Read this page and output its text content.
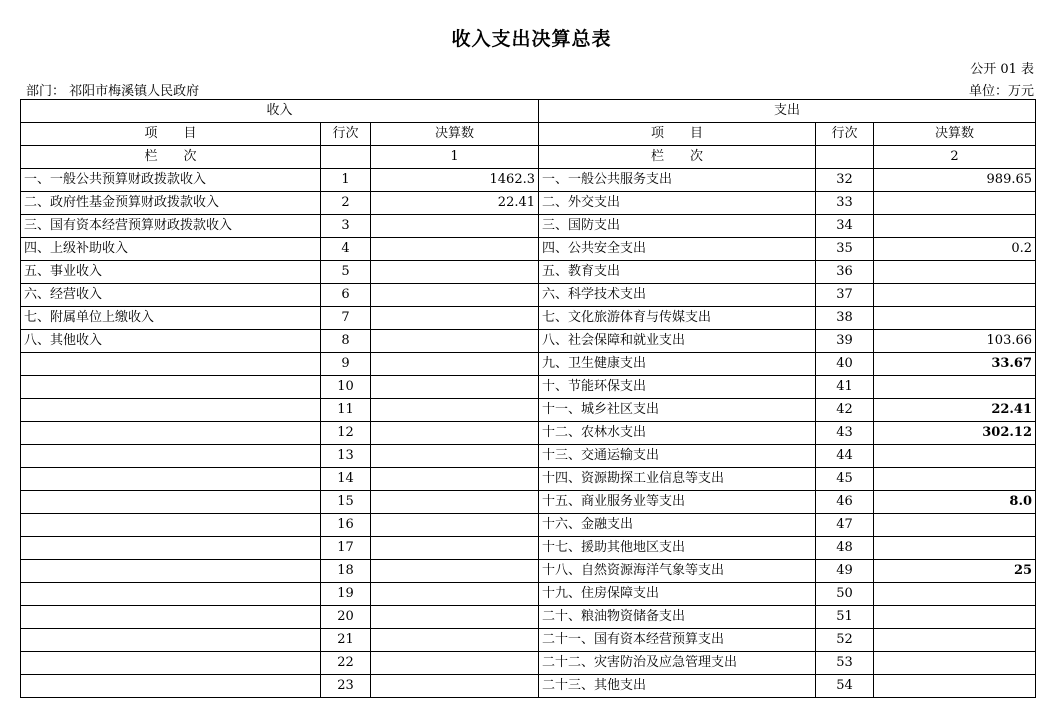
收入支出决算总表
公开 01 表
部门： 祁阳市梅溪镇人民政府	单位：万元
收入			支出		
项　　目	行次	决算数	项　　目	行次	决算数
栏　　次		1	栏　　次		2
一、一般公共预算财政拨款收入	1	1462.3	一、一般公共服务支出	32	989.65
二、政府性基金预算财政拨款收入	2	22.41	二、外交支出	33	
三、国有资本经营预算财政拨款收入	3		三、国防支出	34	
四、上级补助收入	4		四、公共安全支出	35	0.2
五、事业收入	5		五、教育支出	36	
六、经营收入	6		六、科学技术支出	37	
七、附属单位上缴收入	7		七、文化旅游体育与传媒支出	38	
八、其他收入	8		八、社会保障和就业支出	39	103.66
	9		九、卫生健康支出	40	33.67
	10		十、节能环保支出	41	
	11		十一、城乡社区支出	42	22.41
	12		十二、农林水支出	43	302.12
	13		十三、交通运输支出	44	
	14		十四、资源勘探工业信息等支出	45	
	15		十五、商业服务业等支出	46	8.0
	16		十六、金融支出	47	
	17		十七、援助其他地区支出	48	
	18		十八、自然资源海洋气象等支出	49	25
	19		十九、住房保障支出	50	
	20		二十、粮油物资储备支出	51	
	21		二十一、国有资本经营预算支出	52	
	22		二十二、灾害防治及应急管理支出	53	
	23		二十三、其他支出	54	
